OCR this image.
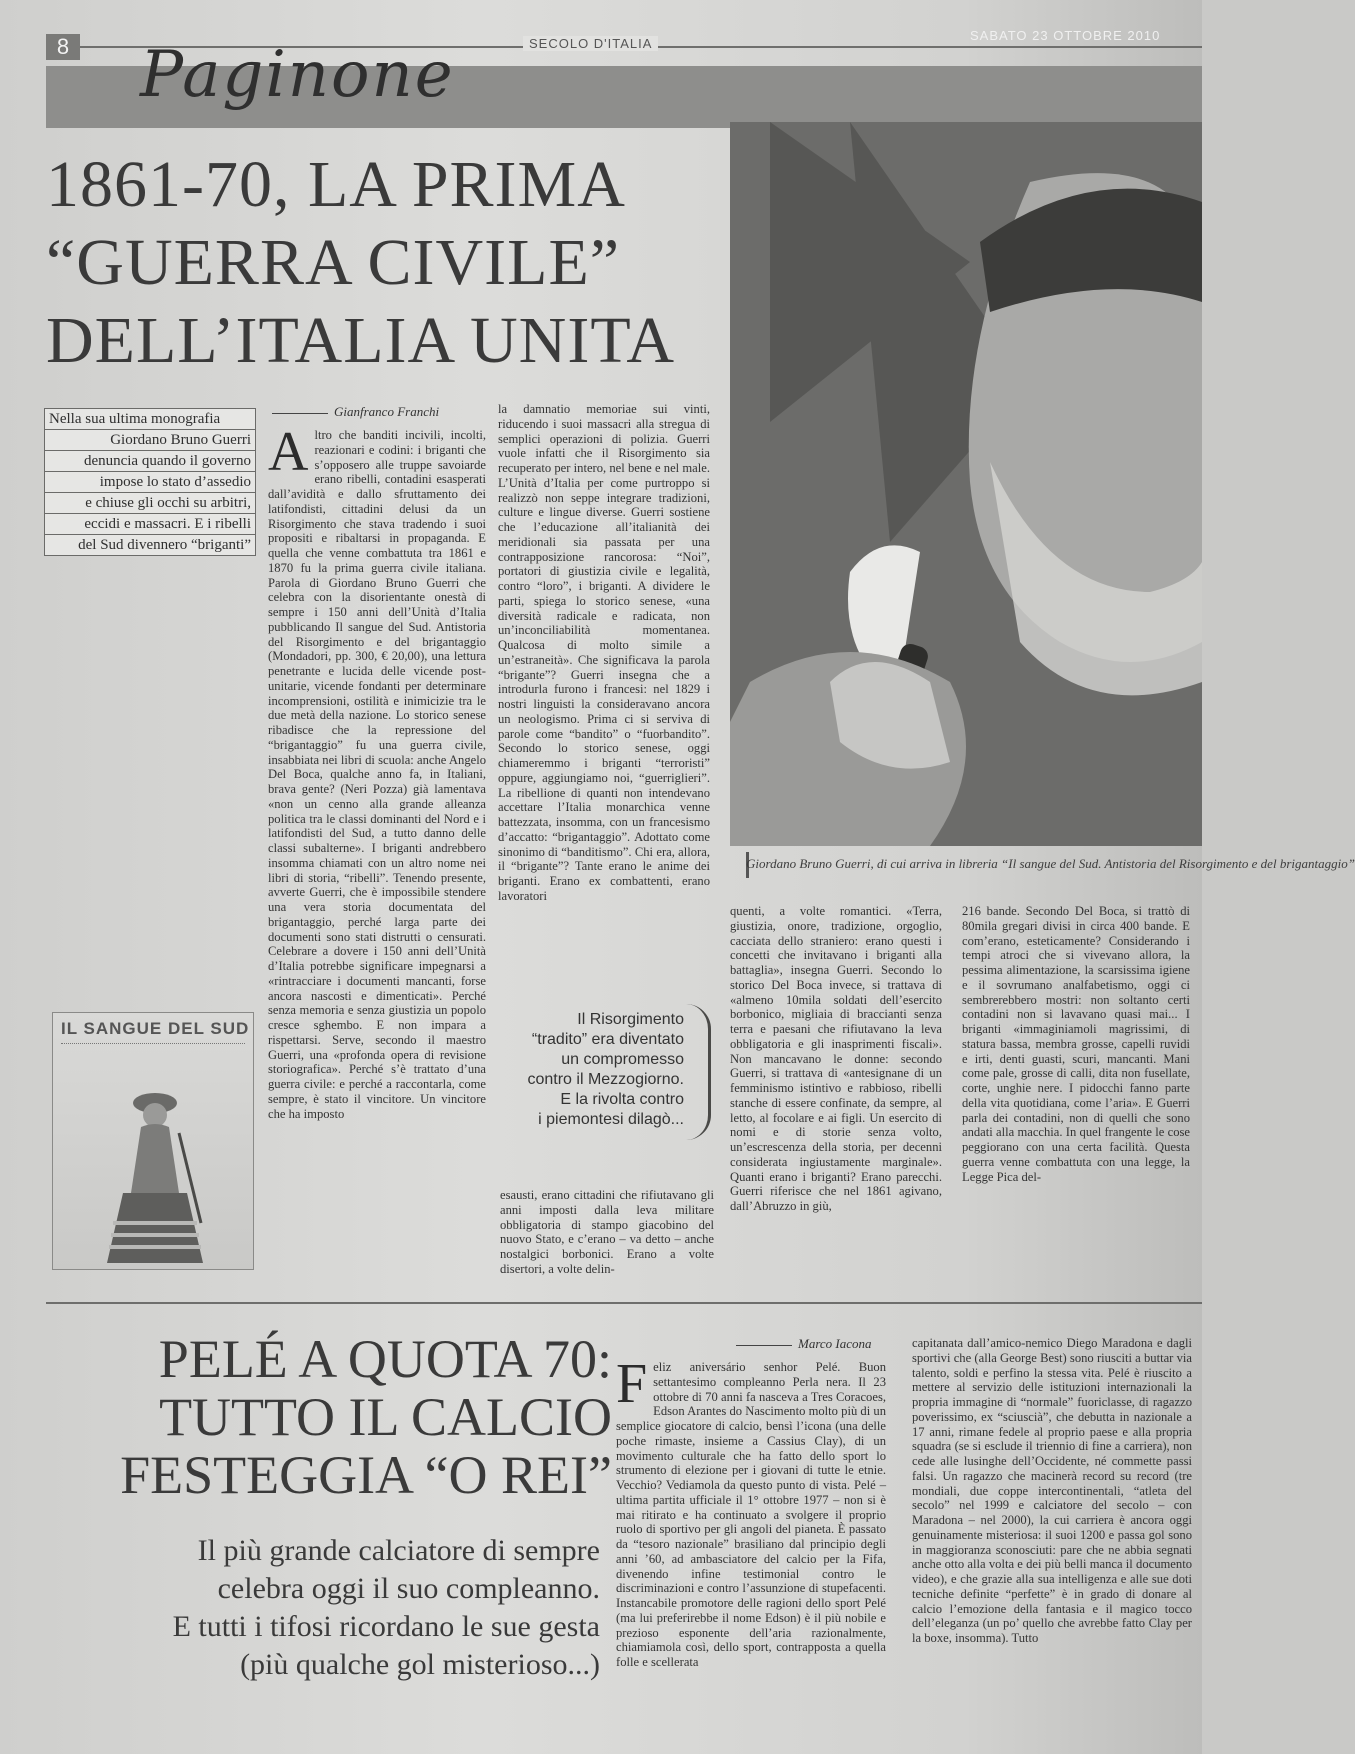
8	SECOLO D'ITALIA
SABATO 23 OTTOBRE 2010
Paginone
1861-70, LA PRIMA
“GUERRA CIVILE”
DELL’ITALIA UNITA
Giordano Bruno Guerri, di cui arriva in libreria “Il sangue del Sud. Antistoria del Risorgimento e del brigantaggio”
Nella sua ultima monografia
Giordano Bruno Guerri
denuncia quando il governo
impose lo stato d’assedio
e chiuse gli occhi su arbitri,
eccidi e massacri. E i ribelli
del Sud divennero “briganti”
Gianfranco Franchi
Altro che banditi incivili, incolti, reazionari e codini: i briganti che s’opposero alle truppe savoiarde erano ribelli, contadini esasperati dall’avidità e dallo sfruttamento dei latifondisti, cittadini delusi da un Risorgimento che stava tradendo i suoi propositi e ribaltarsi in propaganda. E quella che venne combattuta tra 1861 e 1870 fu la prima guerra civile italiana. Parola di Giordano Bruno Guerri che celebra con la disorientante onestà di sempre i 150 anni dell’Unità d’Italia pubblicando Il sangue del Sud. Antistoria del Risorgimento e del brigantaggio (Mondadori, pp. 300, € 20,00), una lettura penetrante e lucida delle vicende post-unitarie, vicende fondanti per determinare incomprensioni, ostilità e inimicizie tra le due metà della nazione. Lo storico senese ribadisce che la repressione del “brigantaggio” fu una guerra civile, insabbiata nei libri di scuola: anche Angelo Del Boca, qualche anno fa, in Italiani, brava gente? (Neri Pozza) già lamentava «non un cenno alla grande alleanza politica tra le classi dominanti del Nord e i latifondisti del Sud, a tutto danno delle classi subalterne». I briganti andrebbero insomma chiamati con un altro nome nei libri di storia, “ribelli”. Tenendo presente, avverte Guerri, che è impossibile stendere una vera storia documentata del brigantaggio, perché larga parte dei documenti sono stati distrutti o censurati. Celebrare a dovere i 150 anni dell’Unità d’Italia potrebbe significare impegnarsi a «rintracciare i documenti mancanti, forse ancora nascosti e dimenticati». Perché senza memoria e senza giustizia un popolo cresce sghembo. E non impara a rispettarsi. Serve, secondo il maestro Guerri, una «profonda opera di revisione storiografica». Perché s’è trattato d’una guerra civile: e perché a raccontarla, come sempre, è stato il vincitore. Un vincitore che ha imposto
la damnatio memoriae sui vinti, riducendo i suoi massacri alla stregua di semplici operazioni di polizia. Guerri vuole infatti che il Risorgimento sia recuperato per intero, nel bene e nel male. L’Unità d’Italia per come purtroppo si realizzò non seppe integrare tradizioni, culture e lingue diverse. Guerri sostiene che l’educazione all’italianità dei meridionali sia passata per una contrapposizione rancorosa: “Noi”, portatori di giustizia civile e legalità, contro “loro”, i briganti. A dividere le parti, spiega lo storico senese, «una diversità radicale e radicata, non un’inconciliabilità momentanea. Qualcosa di molto simile a un’estraneità». Che significava la parola “brigante”? Guerri insegna che a introdurla furono i francesi: nel 1829 i nostri linguisti la consideravano ancora un neologismo. Prima ci si serviva di parole come “bandito” o “fuorbandito”. Secondo lo storico senese, oggi chiameremmo i briganti “terroristi” oppure, aggiungiamo noi, “guerriglieri”. La ribellione di quanti non intendevano accettare l’Italia monarchica venne battezzata, insomma, con un francesismo d’accatto: “brigantaggio”. Adottato come sinonimo di “banditismo”. Chi era, allora, il “brigante”? Tante erano le anime dei briganti. Erano ex combattenti, erano lavoratori
Il Risorgimento
“tradito” era diventato
un compromesso
contro il Mezzogiorno.
E la rivolta contro
i piemontesi dilagò...
esausti, erano cittadini che rifiutavano gli anni imposti dalla leva militare obbligatoria di stampo giacobino del nuovo Stato, e c’erano – va detto – anche nostalgici borbonici. Erano a volte disertori, a volte delin-
quenti, a volte romantici. «Terra, giustizia, onore, tradizione, orgoglio, cacciata dello straniero: erano questi i concetti che invitavano i briganti alla battaglia», insegna Guerri. Secondo lo storico Del Boca invece, si trattava di «almeno 10mila soldati dell’esercito borbonico, migliaia di braccianti senza terra e paesani che rifiutavano la leva obbligatoria e gli inasprimenti fiscali». Non mancavano le donne: secondo Guerri, si trattava di «antesignane di un femminismo istintivo e rabbioso, ribelli stanche di essere confinate, da sempre, al letto, al focolare e ai figli. Un esercito di nomi e di storie senza volto, un’escrescenza della storia, per decenni considerata ingiustamente marginale». Quanti erano i briganti? Erano parecchi. Guerri riferisce che nel 1861 agivano, dall’Abruzzo in giù,
216 bande. Secondo Del Boca, si trattò di 80mila gregari divisi in circa 400 bande. E com’erano, esteticamente? Considerando i tempi atroci che si vivevano allora, la pessima alimentazione, la scarsissima igiene e il sovrumano analfabetismo, oggi ci sembrerebbero mostri: non soltanto certi contadini non si lavavano quasi mai... I briganti «immaginiamoli magrissimi, di statura bassa, membra grosse, capelli ruvidi e irti, denti guasti, scuri, mancanti. Mani come pale, grosse di calli, dita non fusellate, corte, unghie nere. I pidocchi fanno parte della vita quotidiana, come l’aria». E Guerri parla dei contadini, non di quelli che sono andati alla macchia. In quel frangente le cose peggiorano con una certa facilità. Questa guerra venne combattuta con una legge, la Legge Pica del-
IL SANGUE DEL SUD
PELÉ A QUOTA 70:
TUTTO IL CALCIO
FESTEGGIA “O REI”
Il più grande calciatore di sempre
celebra oggi il suo compleanno.
E tutti i tifosi ricordano le sue gesta
(più qualche gol misterioso...)
Marco Iacona
Feliz aniversário senhor Pelé. Buon settantesimo compleanno Perla nera. Il 23 ottobre di 70 anni fa nasceva a Tres Coracoes, Edson Arantes do Nascimento molto più di un semplice giocatore di calcio, bensì l’icona (una delle poche rimaste, insieme a Cassius Clay), di un movimento culturale che ha fatto dello sport lo strumento di elezione per i giovani di tutte le etnie. Vecchio? Vediamola da questo punto di vista. Pelé – ultima partita ufficiale il 1° ottobre 1977 – non si è mai ritirato e ha continuato a svolgere il proprio ruolo di sportivo per gli angoli del pianeta. È passato da “tesoro nazionale” brasiliano dal principio degli anni ’60, ad ambasciatore del calcio per la Fifa, divenendo infine testimonial contro le discriminazioni e contro l’assunzione di stupefacenti. Instancabile promotore delle ragioni dello sport Pelé (ma lui preferirebbe il nome Edson) è il più nobile e prezioso esponente dell’aria razionalmente, chiamiamola così, dello sport, contrapposta a quella folle e scellerata
capitanata dall’amico-nemico Diego Maradona e dagli sportivi che (alla George Best) sono riusciti a buttar via talento, soldi e perfino la stessa vita. Pelé è riuscito a mettere al servizio delle istituzioni internazionali la propria immagine di “normale” fuoriclasse, di ragazzo poverissimo, ex “sciuscià”, che debutta in nazionale a 17 anni, rimane fedele al proprio paese e alla propria squadra (se si esclude il triennio di fine a carriera), non cede alle lusinghe dell’Occidente, né commette passi falsi. Un ragazzo che macinerà record su record (tre mondiali, due coppe intercontinentali, “atleta del secolo” nel 1999 e calciatore del secolo – con Maradona – nel 2000), la cui carriera è ancora oggi genuinamente misteriosa: il suoi 1200 e passa gol sono in maggioranza sconosciuti: pare che ne abbia segnati anche otto alla volta e dei più belli manca il documento video), e che grazie alla sua intelligenza e alle sue doti tecniche definite “perfette” è in grado di donare al calcio l’emozione della fantasia e il magico tocco dell’eleganza (un po’ quello che avrebbe fatto Clay per la boxe, insomma). Tutto
